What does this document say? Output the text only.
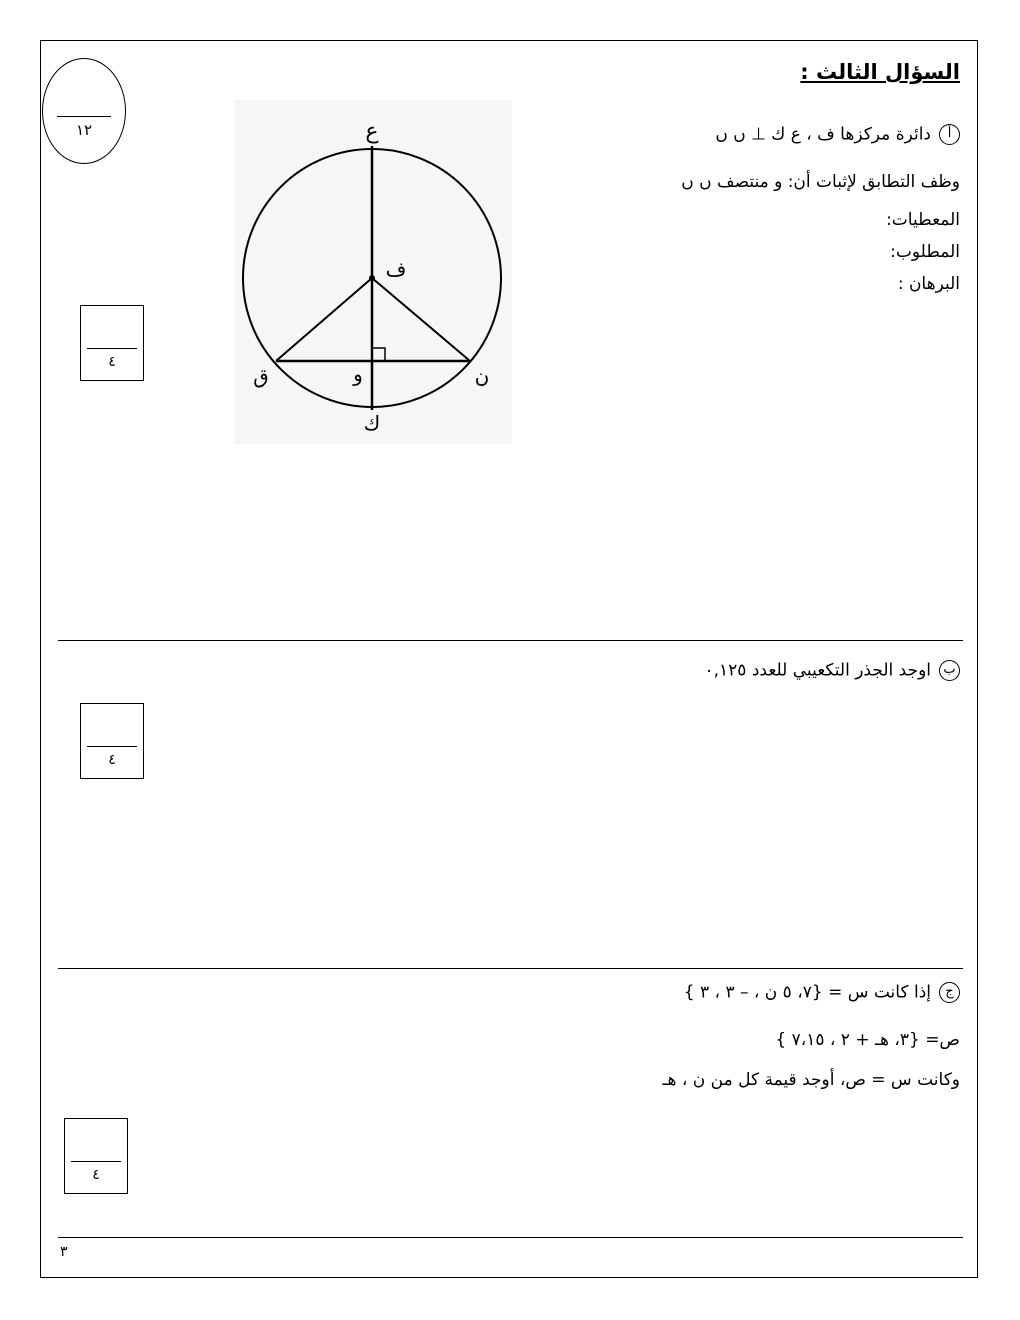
السؤال الثالث :
١٢	أدائرة مركزها ف ، ع ك ⊥ ں ں
وظف التطابق لإثبات أن: و منتصف ں ں
المعطيات:
المطلوب:
البرهان :
ع
ف
ق	و	ن
ك
٤
باوجد الجذر التكعيبي للعدد ٠,١٢٥
٤
جإذا كانت س = {٧، ٥ ن ، – ٣ ، ٣ }
ص= {٣، هـ + ٢ ، ٧،١٥ }
وكانت س = ص، أوجد قيمة كل من ن ، هـ
٤
٣
